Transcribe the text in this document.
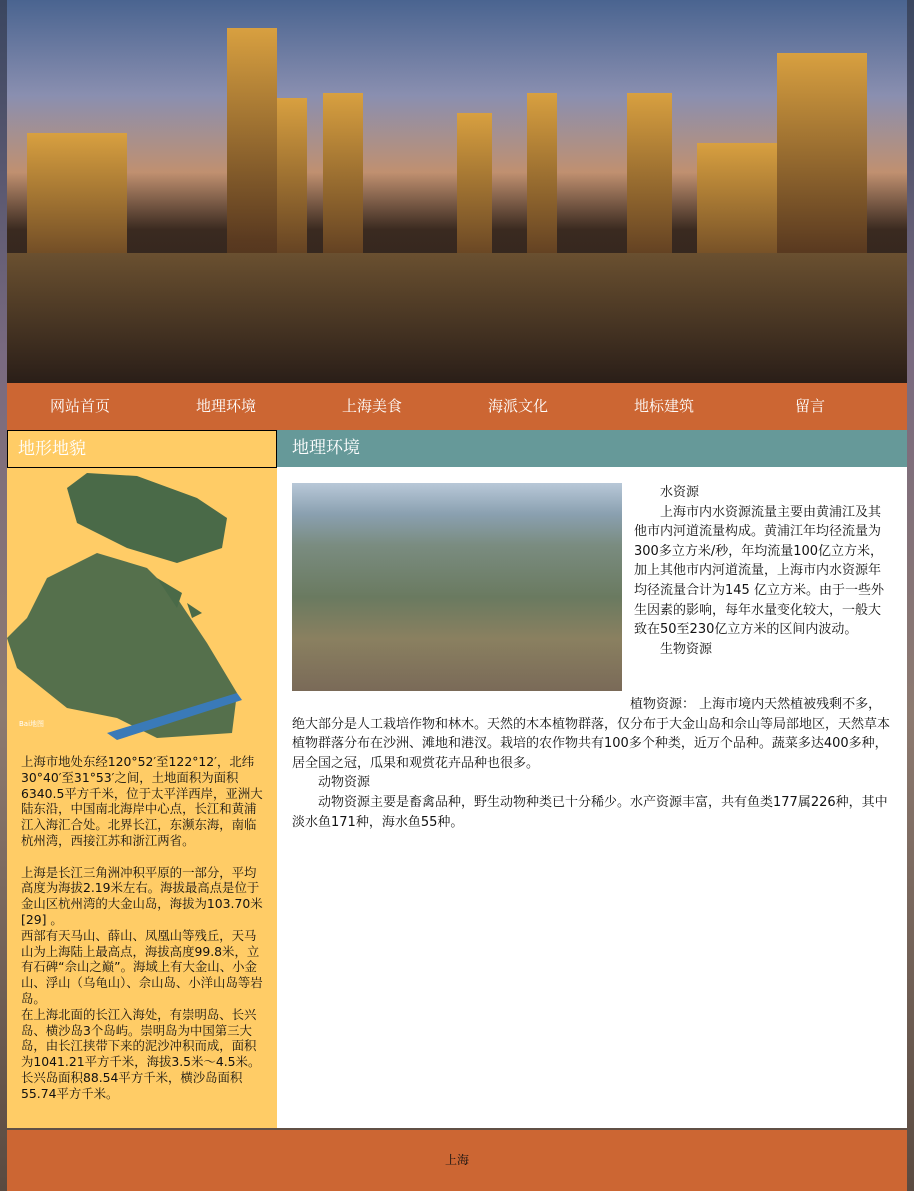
网站首页	地理环境	上海美食	海派文化	地标建筑	留言
地形地貌
Bai地图

上海市地处东经120°52′至122°12′，北纬30°40′至31°53′之间，土地面积为面积6340.5平方千米，位于太平洋西岸，亚洲大陆东沿，中国南北海岸中心点，长江和黄浦江入海汇合处。北界长江，东濒东海，南临杭州湾，西接江苏和浙江两省。

上海是长江三角洲冲积平原的一部分，平均高度为海拔2.19米左右。海拔最高点是位于金山区杭州湾的大金山岛，海拔为103.70米 [29] 。

西部有天马山、薛山、凤凰山等残丘，天马山为上海陆上最高点，海拔高度99.8米，立有石碑“佘山之巅”。海域上有大金山、小金山、浮山（乌龟山）、佘山岛、小洋山岛等岩岛。

在上海北面的长江入海处，有崇明岛、长兴岛、横沙岛3个岛屿。崇明岛为中国第三大岛，由长江挟带下来的泥沙冲积而成，面积为1041.21平方千米，海拔3.5米～4.5米。长兴岛面积88.54平方千米，横沙岛面积55.74平方千米。

地理环境

水资源

上海市内水资源流量主要由黄浦江及其他市内河道流量构成。黄浦江年均径流量为300多立方米/秒，年均流量100亿立方米，加上其他市内河道流量，上海市内水资源年均径流量合计为145 亿立方米。由于一些外生因素的影响，每年水量变化较大，一般大致在50至230亿立方米的区间内波动。

生物资源

植物资源： 上海市境内天然植被残剩不多，绝大部分是人工栽培作物和林木。天然的木本植物群落，仅分布于大金山岛和佘山等局部地区，天然草本植物群落分布在沙洲、滩地和港汊。栽培的农作物共有100多个种类，近万个品种。蔬菜多达400多种，居全国之冠，瓜果和观赏花卉品种也很多。

动物资源

动物资源主要是畜禽品种，野生动物种类已十分稀少。水产资源丰富，共有鱼类177属226种，其中淡水鱼171种，海水鱼55种。

上海
